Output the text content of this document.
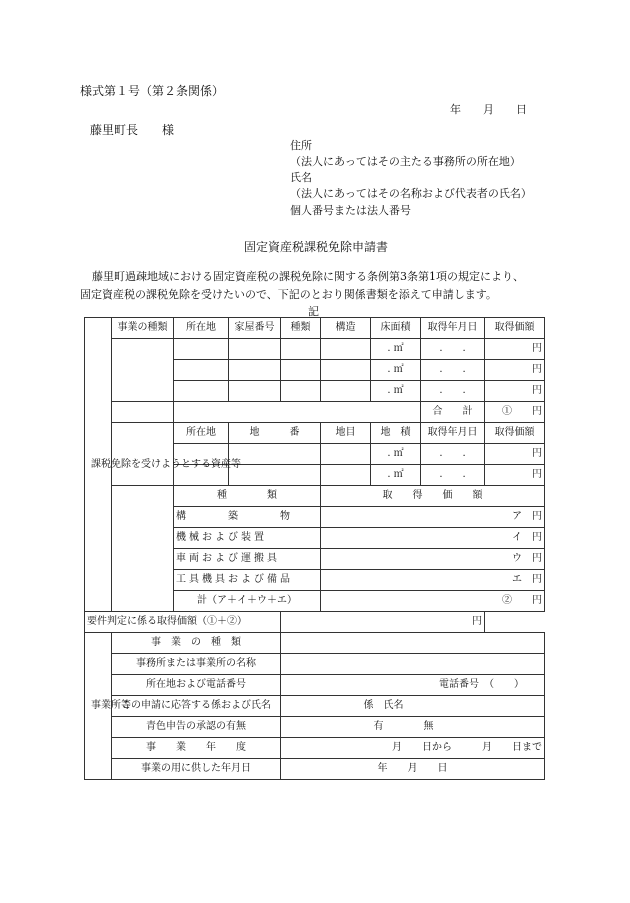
様式第１号（第２条関係）
年　　月　　日
藤里町長　　様
住所
（法人にあってはその主たる事務所の所在地）
氏名
（法人にあってはその名称および代表者の氏名）
個人番号または法人番号
固定資産税課税免除申請書
藤里町過疎地域における固定資産税の課税免除に関する条例第3条第1項の規定により、
固定資産税の課税免除を受けたいので、下記のとおり関係書類を添えて申請します。
記
課税免除を受けようとする資産等	事業の種類	所在地	家屋番号	種類	構造	床面積	取得年月日	取得価額
						. ㎡	.　　.	円
						. ㎡	.　　.	円
						. ㎡	.　　.	円
							合　　計	①　　円
		所在地	地　　　番		地目	地　積	取得年月日	取得価額
						. ㎡	.　　.	円
						. ㎡	.　　.	円
		種　　　　類			取　　得　　価　　額			
		構　　　築　　　物			ア　円			
		機械および装置			イ　円			
		車両および運搬具			ウ　円			
		工具機具および備品			エ　円			
		計（ア＋イ＋ウ＋エ）			②　　円			
要件判定に係る取得価額（①＋②）				円				
事業所等	事　業　の　種　類							
	事務所または事業所の名称							
	所在地および電話番号			電話番号　（　　）				
	この申請に応答する係および氏名			係　氏名				
	青色申告の承認の有無			有　　　　無				
	事　　業　　年　　度			月　　日から　　　月　　日まで				
	事業の用に供した年月日			年　　月　　日				
